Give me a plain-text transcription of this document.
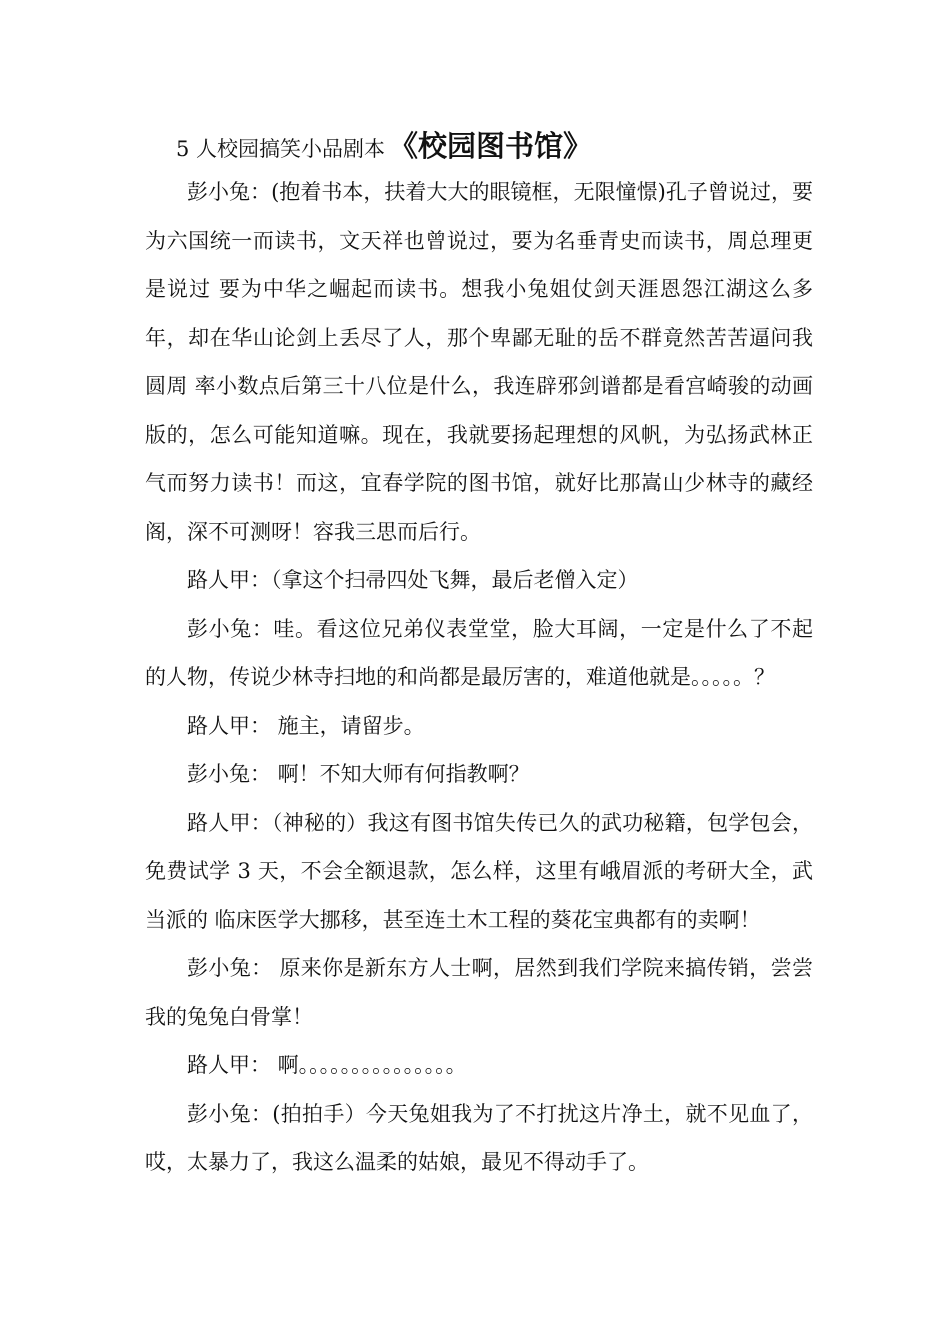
5 人校园搞笑小品剧本 《校园图书馆》

彭小兔：(抱着书本，扶着大大的眼镜框，无限憧憬)孔子曾说过，要为六国统一而读书，文天祥也曾说过，要为名垂青史而读书，周总理更是说过 要为中华之崛起而读书。想我小兔姐仗剑天涯恩怨江湖这么多年，却在华山论剑上丢尽了人，那个卑鄙无耻的岳不群竟然苦苦逼问我圆周 率小数点后第三十八位是什么，我连辟邪剑谱都是看宫崎骏的动画版的，怎么可能知道嘛。现在，我就要扬起理想的风帆，为弘扬武林正 气而努力读书！而这，宜春学院的图书馆，就好比那嵩山少林寺的藏经阁，深不可测呀！容我三思而后行。

路人甲：（拿这个扫帚四处飞舞，最后老僧入定）

彭小兔：哇。看这位兄弟仪表堂堂，脸大耳阔，一定是什么了不起的人物，传说少林寺扫地的和尚都是最厉害的，难道他就是。。。。。？

路人甲： 施主，请留步。

彭小兔： 啊！不知大师有何指教啊？

路人甲：（神秘的）我这有图书馆失传已久的武功秘籍，包学包会，免费试学 3 天，不会全额退款，怎么样，这里有峨眉派的考研大全，武当派的 临床医学大挪移，甚至连土木工程的葵花宝典都有的卖啊！

彭小兔： 原来你是新东方人士啊，居然到我们学院来搞传销，尝尝我的兔兔白骨掌！

路人甲： 啊。。。。。。。。。。。。。。。

彭小兔：(拍拍手）今天兔姐我为了不打扰这片净土，就不见血了，哎，太暴力了，我这么温柔的姑娘，最见不得动手了。
